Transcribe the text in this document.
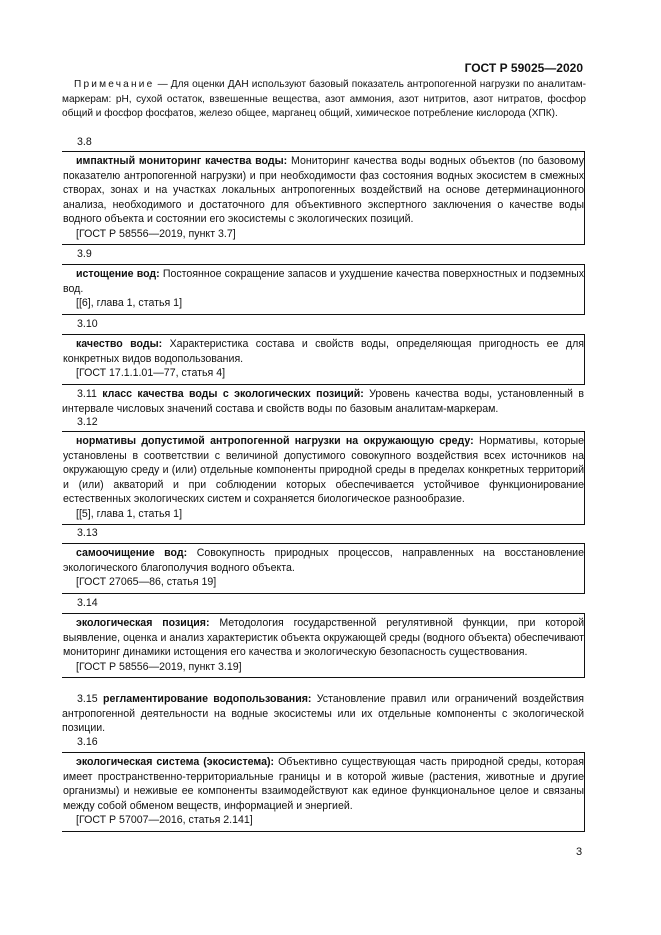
ГОСТ Р 59025—2020
Примечание — Для оценки ДАН используют базовый показатель антропогенной нагрузки по аналитам-маркерам: рН, сухой остаток, взвешенные вещества, азот аммония, азот нитритов, азот нитратов, фосфор общий и фосфор фосфатов, железо общее, марганец общий, химическое потребление кислорода (ХПК).
3.8
импактный мониторинг качества воды: Мониторинг качества воды водных объектов (по базовому показателю антропогенной нагрузки) и при необходимости фаз состояния водных экосистем в смежных створах, зонах и на участках локальных антропогенных воздействий на основе детерминационного анализа, необходимого и достаточного для объективного экспертного заключения о качестве воды водного объекта и состоянии его экосистемы с экологических позиций.
[ГОСТ Р 58556—2019, пункт 3.7]
3.9
истощение вод: Постоянное сокращение запасов и ухудшение качества поверхностных и подземных вод.
[[6], глава 1, статья 1]
3.10
качество воды: Характеристика состава и свойств воды, определяющая пригодность ее для конкретных видов водопользования.
[ГОСТ 17.1.1.01—77, статья 4]
3.11 класс качества воды с экологических позиций: Уровень качества воды, установленный в интервале числовых значений состава и свойств воды по базовым аналитам-маркерам.
3.12
нормативы допустимой антропогенной нагрузки на окружающую среду: Нормативы, которые установлены в соответствии с величиной допустимого совокупного воздействия всех источников на окружающую среду и (или) отдельные компоненты природной среды в пределах конкретных территорий и (или) акваторий и при соблюдении которых обеспечивается устойчивое функционирование естественных экологических систем и сохраняется биологическое разнообразие.
[[5], глава 1, статья 1]
3.13
самоочищение вод: Совокупность природных процессов, направленных на восстановление экологического благополучия водного объекта.
[ГОСТ 27065—86, статья 19]
3.14
экологическая позиция: Методология государственной регулятивной функции, при которой выявление, оценка и анализ характеристик объекта окружающей среды (водного объекта) обеспечивают мониторинг динамики истощения его качества и экологическую безопасность существования.
[ГОСТ Р 58556—2019, пункт 3.19]
3.15 регламентирование водопользования: Установление правил или ограничений воздействия антропогенной деятельности на водные экосистемы или их отдельные компоненты с экологической позиции.
3.16
экологическая система (экосистема): Объективно существующая часть природной среды, которая имеет пространственно-территориальные границы и в которой живые (растения, животные и другие организмы) и неживые ее компоненты взаимодействуют как единое функциональное целое и связаны между собой обменом веществ, информацией и энергией.
[ГОСТ Р 57007—2016, статья 2.141]
3
